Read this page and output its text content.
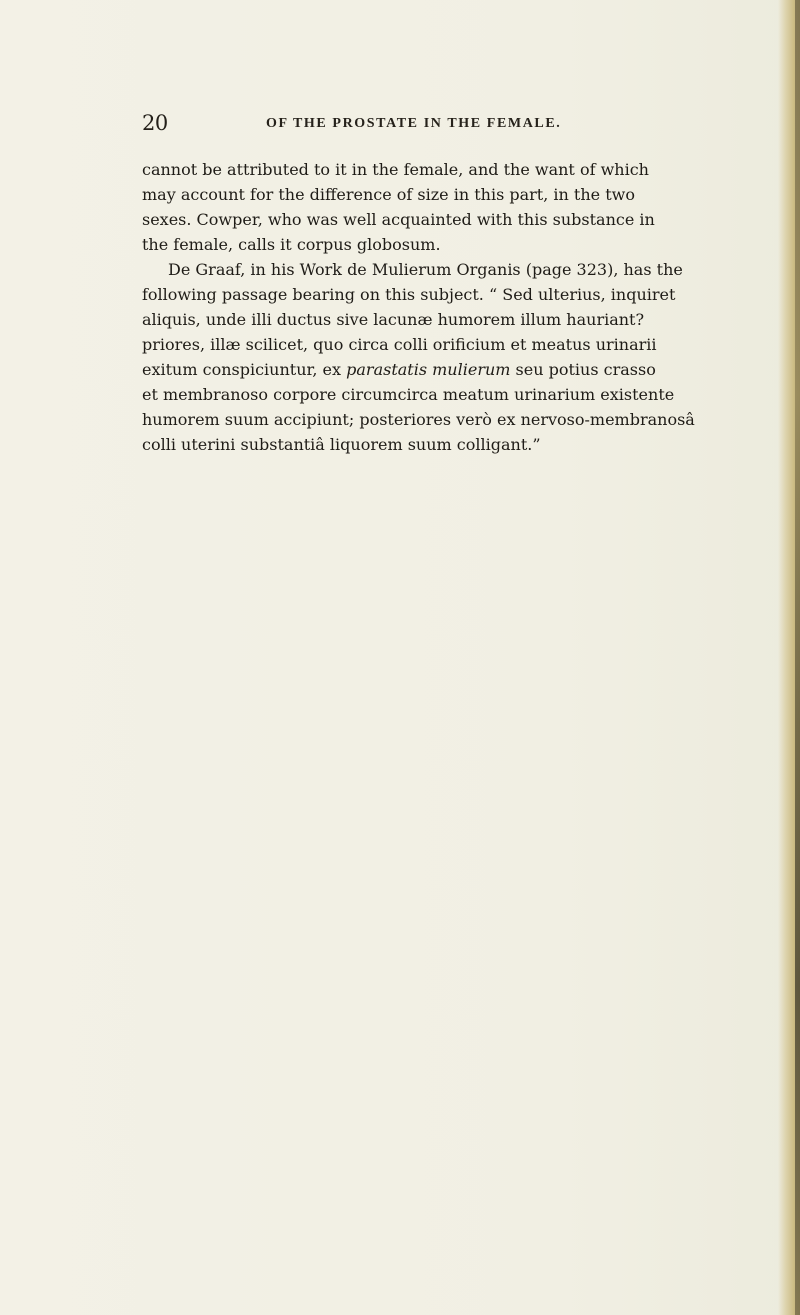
20	OF THE PROSTATE IN THE FEMALE.
cannot be attributed to it in the female, and the want of which
may account for the difference of size in this part, in the two
sexes. Cowper, who was well acquainted with this substance in
the female, calls it corpus globosum.
De Graaf, in his Work de Mulierum Organis (page 323), has the
following passage bearing on this subject. “ Sed ulterius, inquiret
aliquis, unde illi ductus sive lacunæ humorem illum hauriant?
priores, illæ scilicet, quo circa colli orificium et meatus urinarii
exitum conspiciuntur, ex parastatis mulierum seu potius crasso
et membranoso corpore circumcirca meatum urinarium existente
humorem suum accipiunt; posteriores verò ex nervoso-membranosâ
colli uterini substantiâ liquorem suum colligant.”
